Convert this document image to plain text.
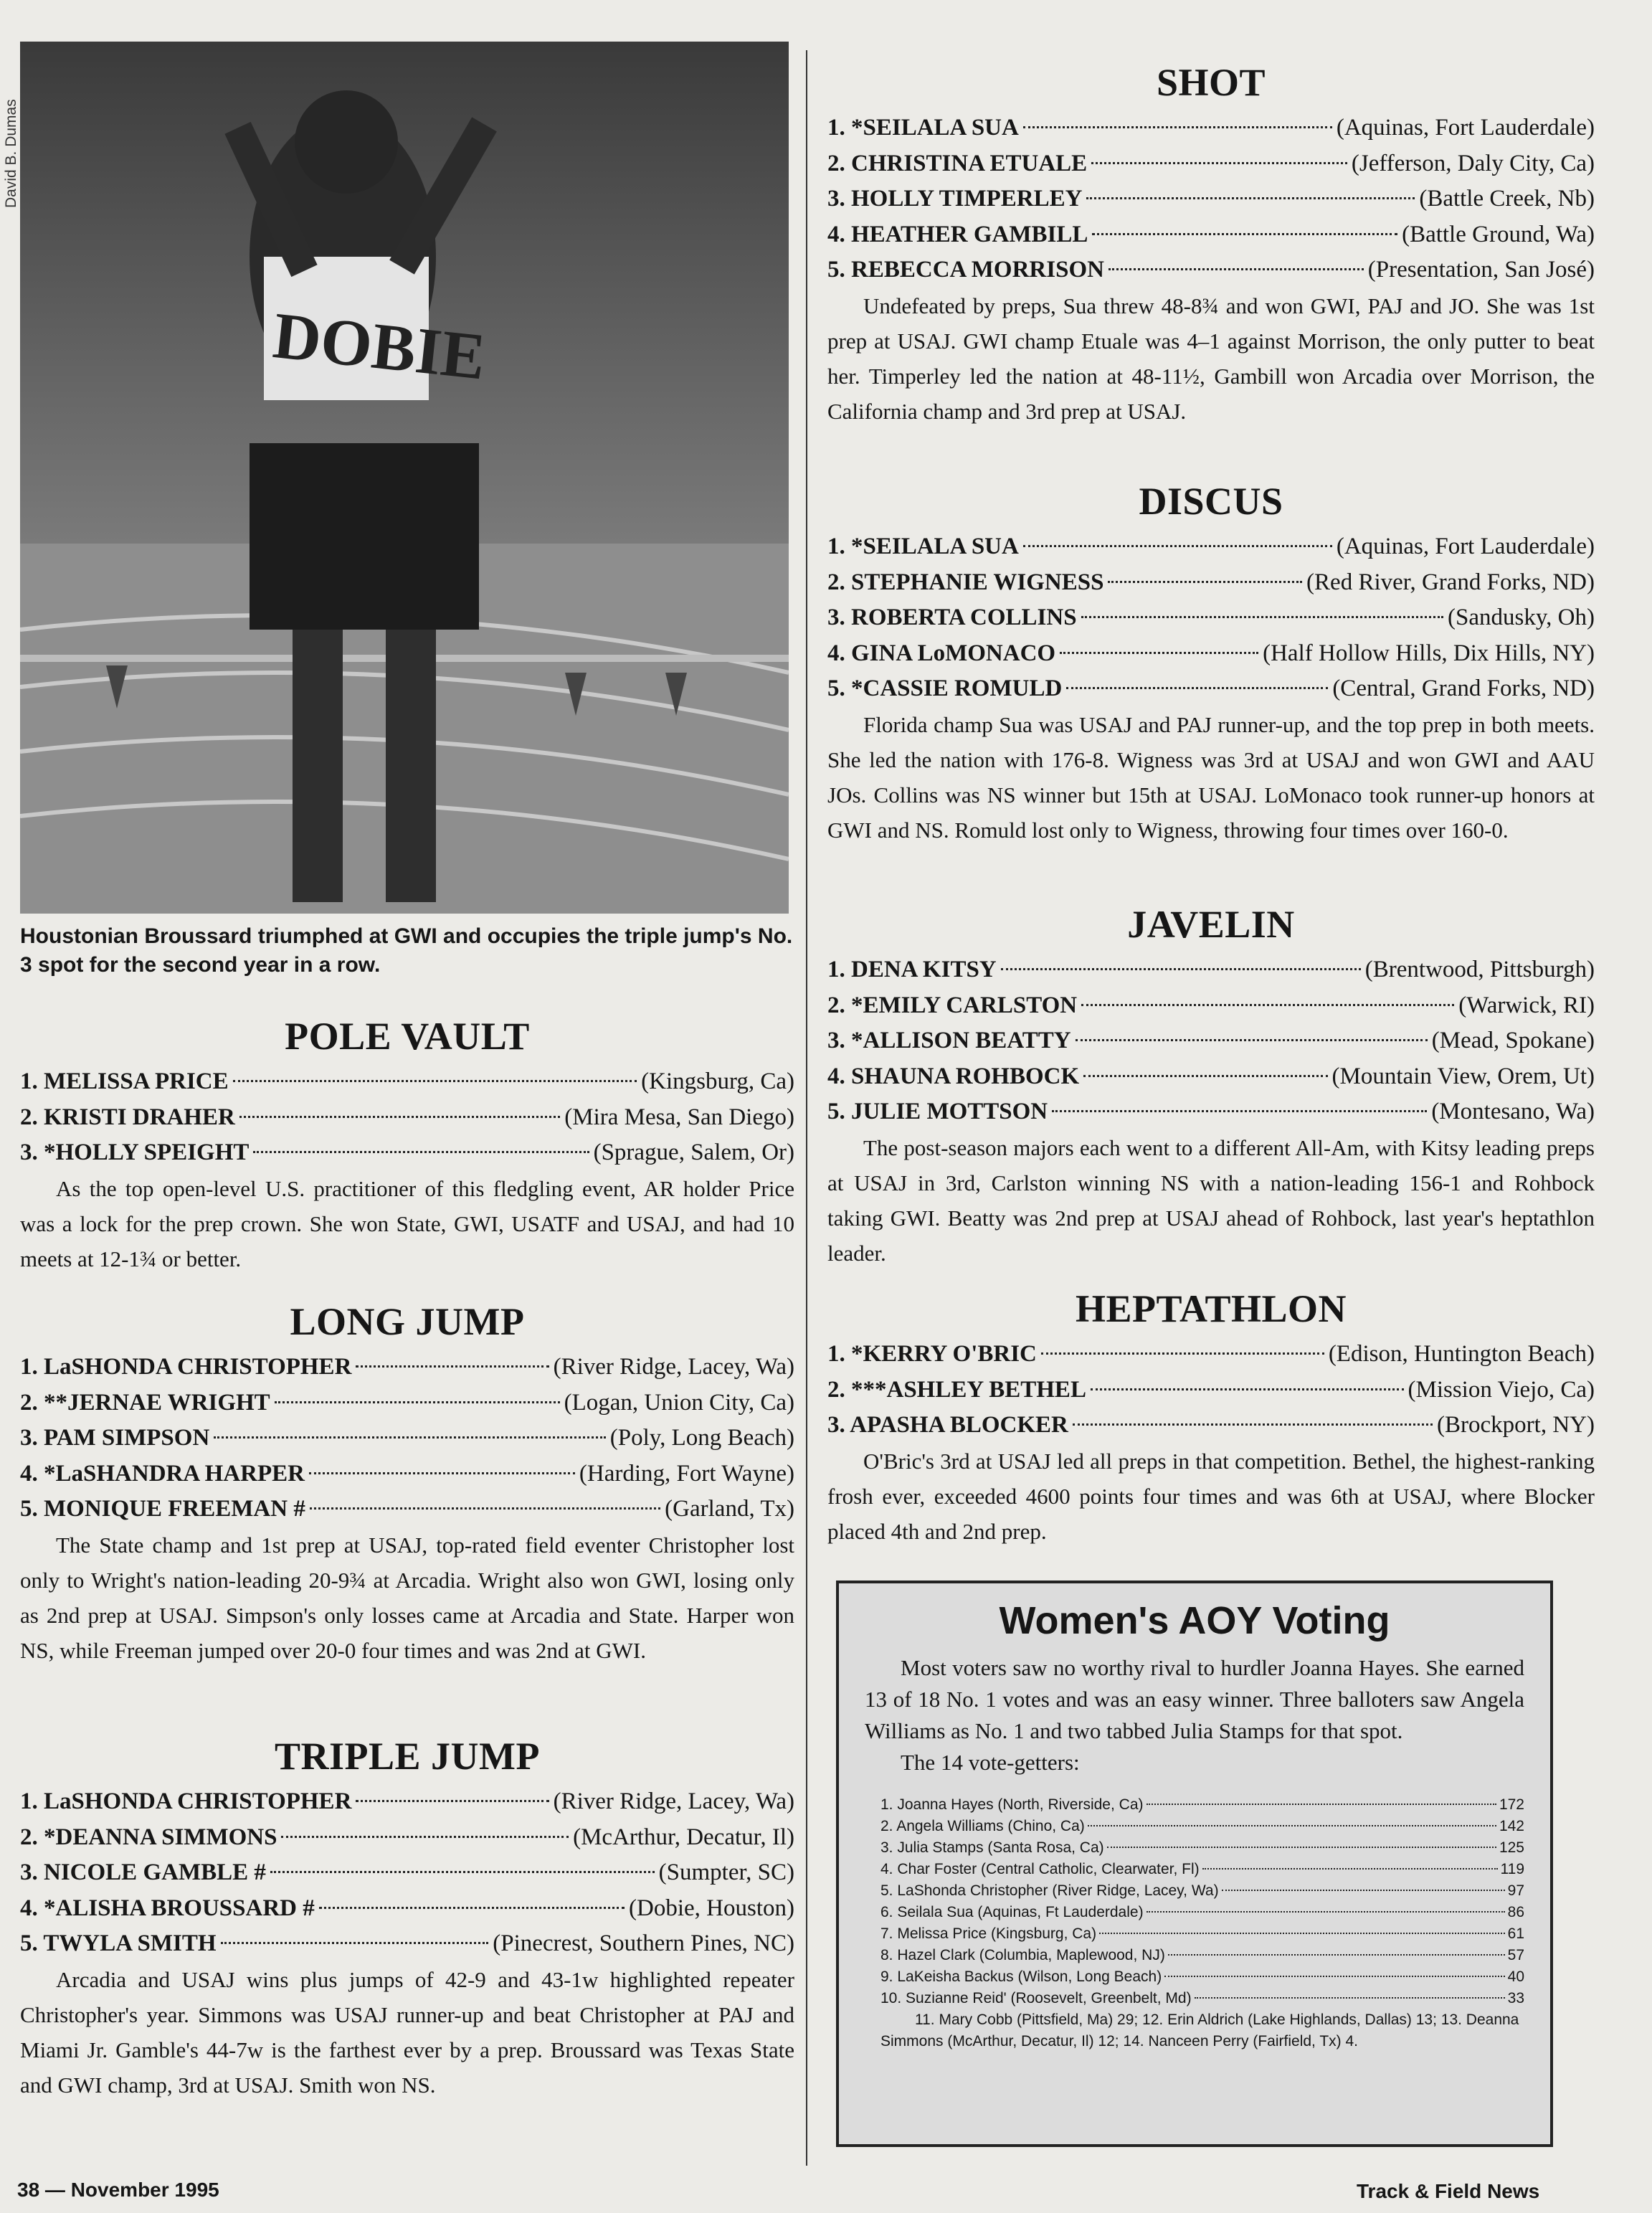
David B. Dumas
DOBIE
Houstonian Broussard triumphed at GWI and occupies the triple jump's No. 3 spot for the second year in a row.
POLE VAULT
1. MELISSA PRICE	(Kingsburg, Ca)
2. KRISTI DRAHER	(Mira Mesa, San Diego)
3. *HOLLY SPEIGHT	(Sprague, Salem, Or)

As the top open-level U.S. practitioner of this fledgling event, AR holder Price was a lock for the prep crown. She won State, GWI, USATF and USAJ, and had 10 meets at 12-1¾ or better.

LONG JUMP
1. LaSHONDA CHRISTOPHER	(River Ridge, Lacey, Wa)
2. **JERNAE WRIGHT	(Logan, Union City, Ca)
3. PAM SIMPSON	(Poly, Long Beach)
4. *LaSHANDRA HARPER	(Harding, Fort Wayne)
5. MONIQUE FREEMAN #	(Garland, Tx)

The State champ and 1st prep at USAJ, top-rated field eventer Christopher lost only to Wright's nation-leading 20-9¾ at Arcadia. Wright also won GWI, losing only as 2nd prep at USAJ. Simpson's only losses came at Arcadia and State. Harper won NS, while Freeman jumped over 20-0 four times and was 2nd at GWI.

TRIPLE JUMP
1. LaSHONDA CHRISTOPHER	(River Ridge, Lacey, Wa)
2. *DEANNA SIMMONS	(McArthur, Decatur, Il)
3. NICOLE GAMBLE #	(Sumpter, SC)
4. *ALISHA BROUSSARD #	(Dobie, Houston)
5. TWYLA SMITH	(Pinecrest, Southern Pines, NC)

Arcadia and USAJ wins plus jumps of 42-9 and 43-1w highlighted repeater Christopher's year. Simmons was USAJ runner-up and beat Christopher at PAJ and Miami Jr. Gamble's 44-7w is the farthest ever by a prep. Broussard was Texas State and GWI champ, 3rd at USAJ. Smith won NS.

SHOT
1. *SEILALA SUA	(Aquinas, Fort Lauderdale)
2. CHRISTINA ETUALE	(Jefferson, Daly City, Ca)
3. HOLLY TIMPERLEY	(Battle Creek, Nb)
4. HEATHER GAMBILL	(Battle Ground, Wa)
5. REBECCA MORRISON	(Presentation, San José)

Undefeated by preps, Sua threw 48-8¾ and won GWI, PAJ and JO. She was 1st prep at USAJ. GWI champ Etuale was 4–1 against Morrison, the only putter to beat her. Timperley led the nation at 48-11½, Gambill won Arcadia over Morrison, the California champ and 3rd prep at USAJ.

DISCUS
1. *SEILALA SUA	(Aquinas, Fort Lauderdale)
2. STEPHANIE WIGNESS	(Red River, Grand Forks, ND)
3. ROBERTA COLLINS	(Sandusky, Oh)
4. GINA LoMONACO	(Half Hollow Hills, Dix Hills, NY)
5. *CASSIE ROMULD	(Central, Grand Forks, ND)

Florida champ Sua was USAJ and PAJ runner-up, and the top prep in both meets. She led the nation with 176-8. Wigness was 3rd at USAJ and won GWI and AAU JOs. Collins was NS winner but 15th at USAJ. LoMonaco took runner-up honors at GWI and NS. Romuld lost only to Wigness, throwing four times over 160-0.

JAVELIN
1. DENA KITSY	(Brentwood, Pittsburgh)
2. *EMILY CARLSTON	(Warwick, RI)
3. *ALLISON BEATTY	(Mead, Spokane)
4. SHAUNA ROHBOCK	(Mountain View, Orem, Ut)
5. JULIE MOTTSON	(Montesano, Wa)

The post-season majors each went to a different All-Am, with Kitsy leading preps at USAJ in 3rd, Carlston winning NS with a nation-leading 156-1 and Rohbock taking GWI. Beatty was 2nd prep at USAJ ahead of Rohbock, last year's heptathlon leader.

HEPTATHLON
1. *KERRY O'BRIC	(Edison, Huntington Beach)
2. ***ASHLEY BETHEL	(Mission Viejo, Ca)
3. APASHA BLOCKER	(Brockport, NY)

O'Bric's 3rd at USAJ led all preps in that competition. Bethel, the highest-ranking frosh ever, exceeded 4600 points four times and was 6th at USAJ, where Blocker placed 4th and 2nd prep.

Women's AOY Voting

Most voters saw no worthy rival to hurdler Joanna Hayes. She earned 13 of 18 No. 1 votes and was an easy winner. Three balloters saw Angela Williams as No. 1 and two tabbed Julia Stamps for that spot.

The 14 vote-getters:

1. Joanna Hayes (North, Riverside, Ca)	172
2. Angela Williams (Chino, Ca)	142
3. Julia Stamps (Santa Rosa, Ca)	125
4. Char Foster (Central Catholic, Clearwater, Fl)	119
5. LaShonda Christopher (River Ridge, Lacey, Wa)	97
6. Seilala Sua (Aquinas, Ft Lauderdale)	86
7. Melissa Price (Kingsburg, Ca)	61
8. Hazel Clark (Columbia, Maplewood, NJ)	57
9. LaKeisha Backus (Wilson, Long Beach)	40
10. Suzianne Reid' (Roosevelt, Greenbelt, Md)	33

11. Mary Cobb (Pittsfield, Ma) 29; 12. Erin Aldrich (Lake Highlands, Dallas) 13; 13. Deanna Simmons (McArthur, Decatur, Il) 12; 14. Nanceen Perry (Fairfield, Tx) 4.

38 — November 1995	Track & Field News
